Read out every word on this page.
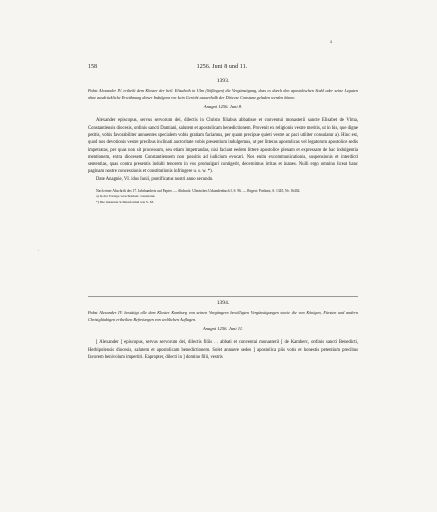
a
.
158	1256. Juni 8 und 11.

1393.

Pabst Alexander IV. ertheilt dem Kloster der heil. Elisabeth in Ulm (Söflingen) die Vergünstigung, dass es durch den apostolischen Stuhl oder seine Legaten ohne ausdrückliche Erwähnung dieser Indulgenz vor kein Gericht ausserhalb der Diöcese Constanz geladen werden könne.

Anagni 1256. Juni 8.

Alexander episcopus, servus servorum dei, dilectis in Christo filiabus abbatisse et conventui monasterii sancte Elisabet de Vlma, Constantiensis diocesis, ordinis sancti Damiani, salutem et apostolicam benedictionem. Provenit ex religionis vestre meritis, ut in his, que digne petitis, vobis favorabiliter annuentes specialem vobis gratiam faciamus, per quam precipue quieti vestre ac paci utiliter consulatur a). Hinc est, quod nos devotionis vestre precibus inclinati auctoritate vobis presentium indulgemus, ut per litteras apostolicas vel legatorum apostolice sedis impetratas, per quas non sit processum, seu etiam impetrandas, nisi faciant eedem littere apostolice plenam et expressam de hac indulgentia mentionem, extra diocesem Constantiensem non possitis ad iudicium evocari. Nos enim excommunicationis, suspensionis et interdicti sententias, quas contra presentis indulti tenorem in vos promulgari contigerit, decernimus irritas et inanes. Nulli ergo omnino liceat hanc paginam nostre concessionis et constitutionis infringere u. s. w. *).

Date Anagnie, VI. idus Iunii, pontificatus nostri anno secundo.

Nach einer Abschrift des 17. Jahrhunderts auf Papier. — Abdruck: Ulmisches Urkundenbuch I, S. 96. — Regest: Potthast, S. 1345, Nr. 16402.

a) In der Vorlage verschrieben: consulatur.

*) Die bekannte Schlussformel wie S. 63.

1394.

Pabst Alexander IV. bestätigt alle dem Kloster Komburg von seinen Vorgängern bewilligten Vergünstigungen sowie die von Königen, Fürsten und andern Christgläubigen ertheilten Befreiungen von weltlichen Auflagen.

Anagni 1256. Juni 11.

[ Alexander ] episcopus, servus servorum dei, dilectis filiis . . abbati et conventui monasterii [ de Kamberc, ordinis sancti Benedicti, Herbipolensis diocesis, salutem et apostolicam benedictionem. Solet annuere sedes ] apostolica piis votis et honestis petentium precibus favorem benivolum impertiri. Eapropter, dilecti in ] domino filii, vestris
